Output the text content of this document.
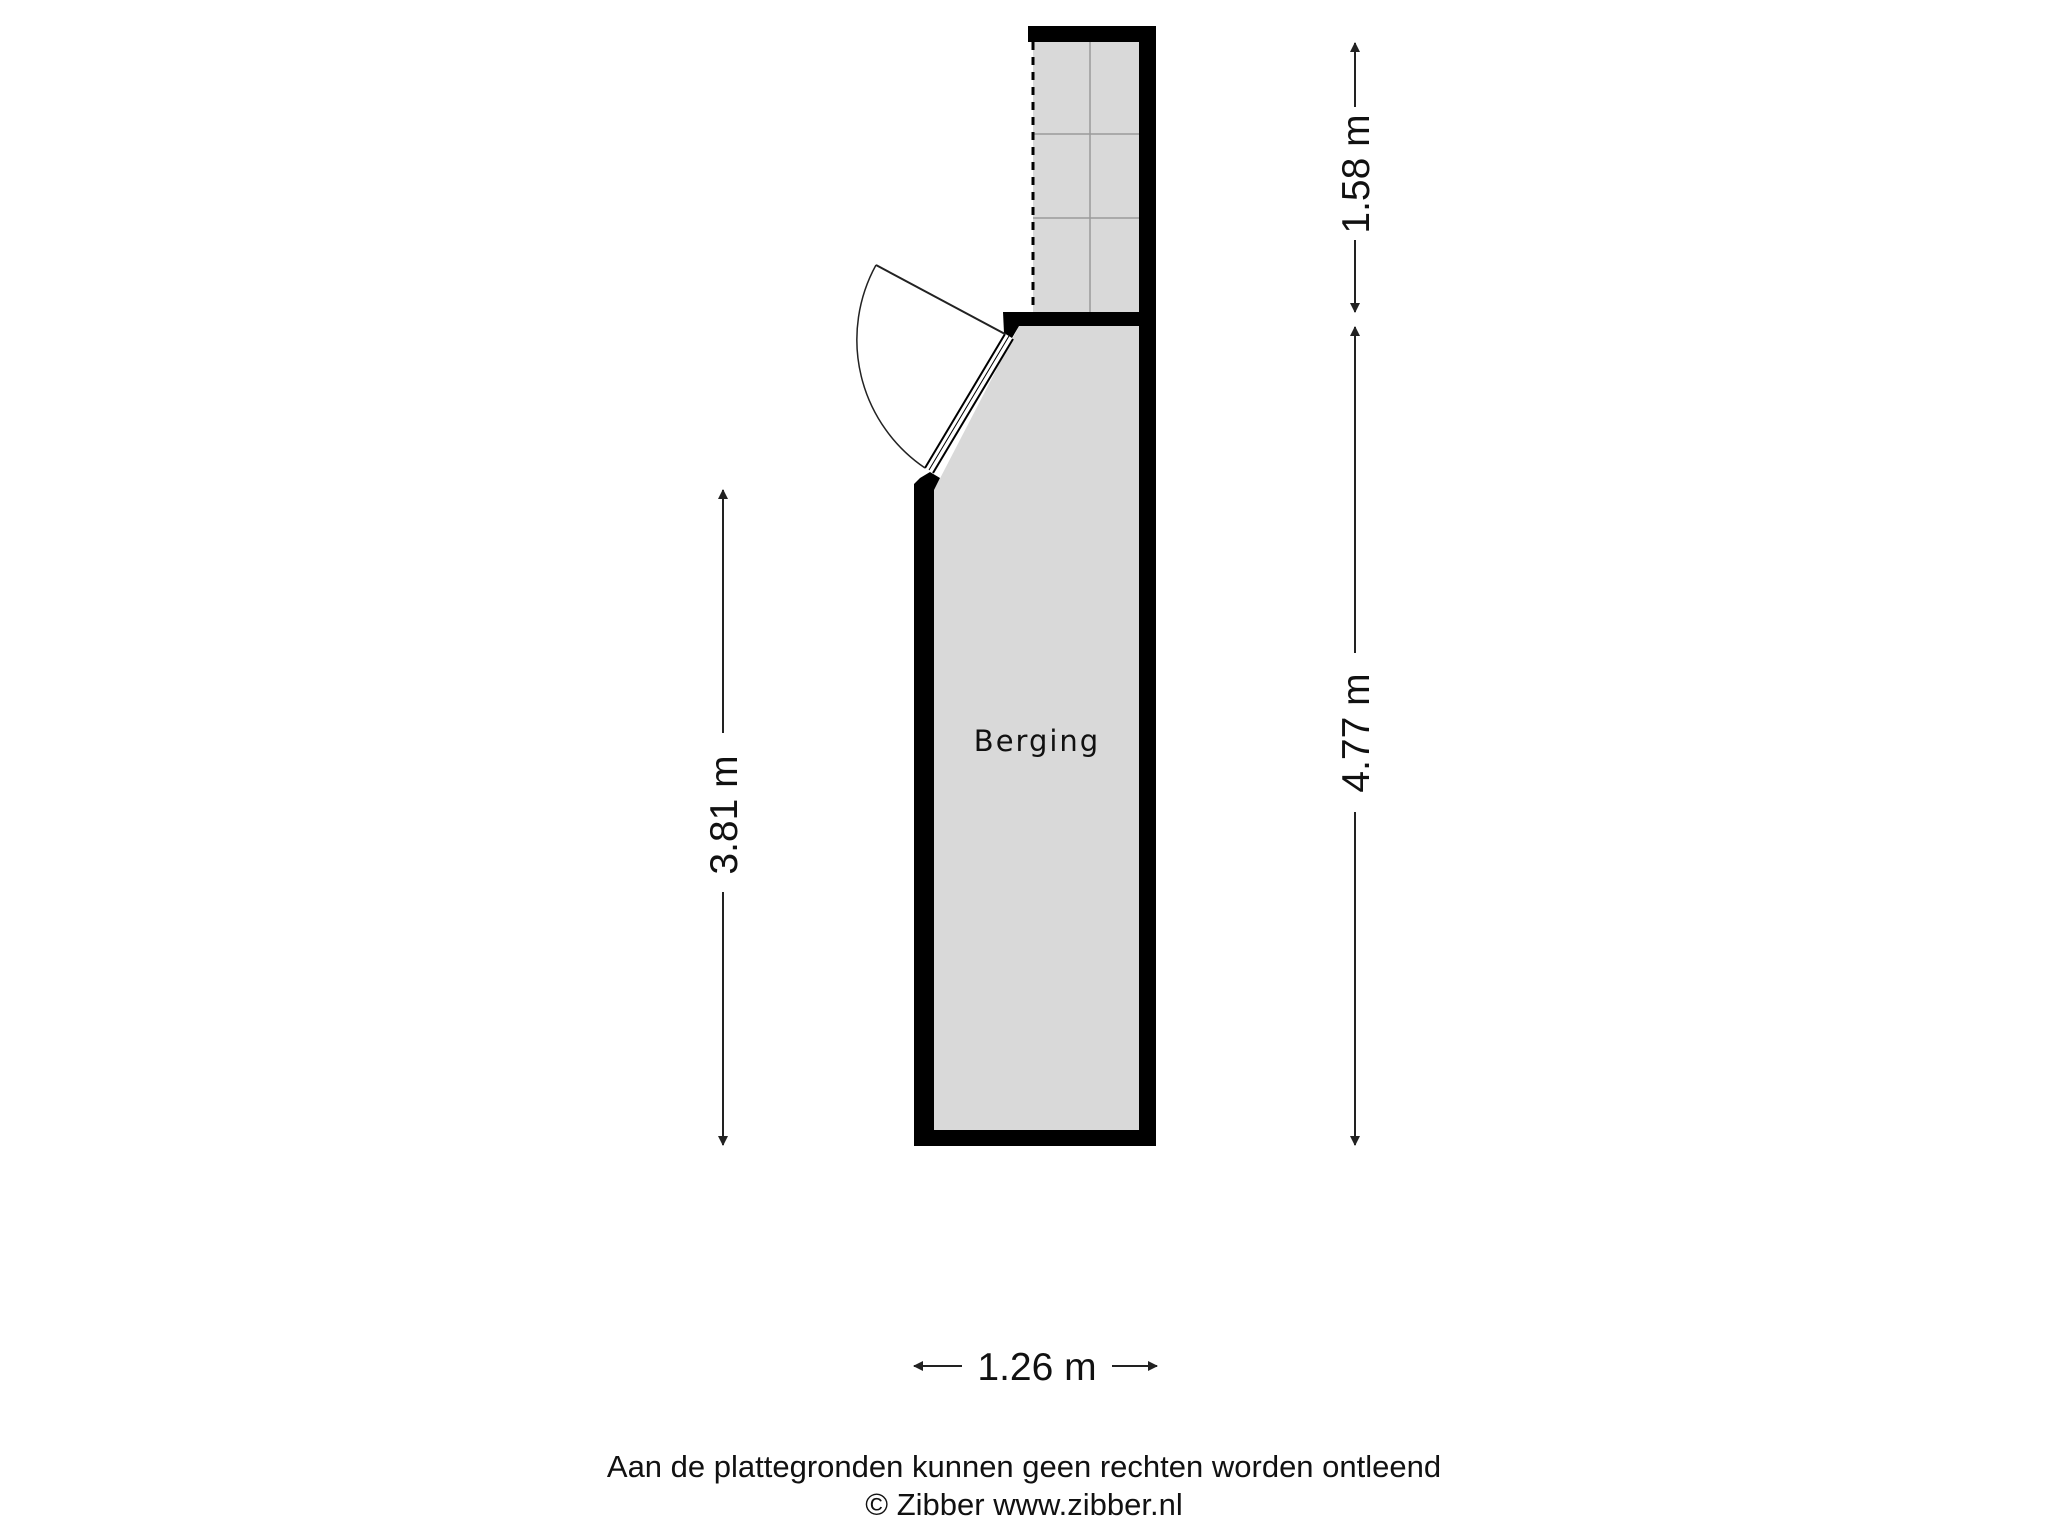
Berging
1.58 m
4.77 m
3.81 m
1.26 m
Aan de plattegronden kunnen geen rechten worden ontleend
© Zibber www.zibber.nl
